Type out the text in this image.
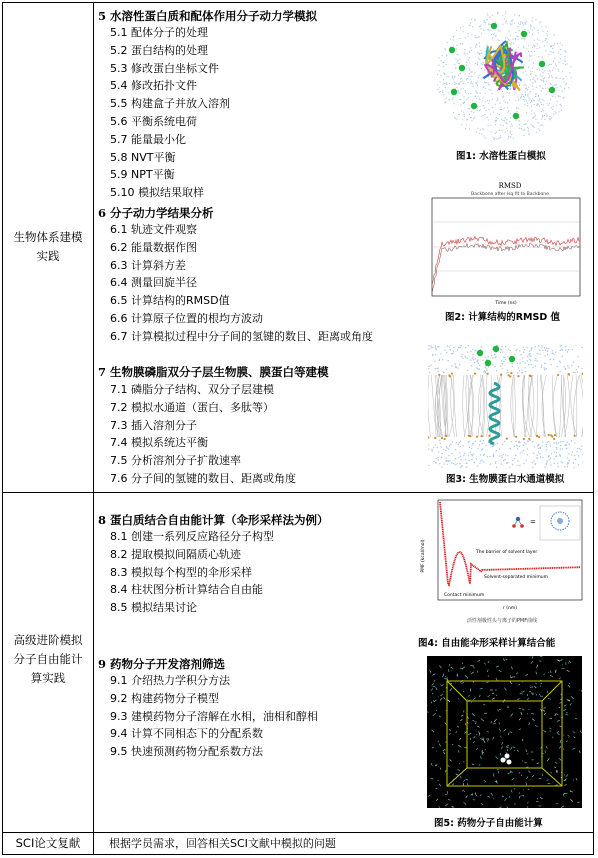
生物体系建模
实践
高级进阶模拟
分子自由能计
算实践
SCI论文复献
5 水溶性蛋白质和配体作用分子动力学模拟
5.1 配体分子的处理
5.2 蛋白结构的处理
5.3 修改蛋白坐标文件
5.4 修改拓扑文件
5.5 构建盒子并放入溶剂
5.6 平衡系统电荷
5.7 能量最小化
5.8 NVT平衡
5.9 NPT平衡
5.10 模拟结果取样
6 分子动力学结果分析
6.1 轨迹文件观察
6.2 能量数据作图
6.3 计算斜方差
6.4 测量回旋半径
6.5 计算结构的RMSD值
6.6 计算原子位置的根均方波动
6.7 计算模拟过程中分子间的氢键的数目、距离或角度
7 生物膜磷脂双分子层生物膜、膜蛋白等建模
7.1 磷脂分子结构、双分子层建模
7.2 模拟水通道（蛋白、多肽等）
7.3 插入溶剂分子
7.4 模拟系统达平衡
7.5 分析溶剂分子扩散速率
7.6 分子间的氢键的数目、距离或角度
8 蛋白质结合自由能计算（伞形采样法为例）
8.1 创建一系列反应路径分子构型
8.2 提取模拟间隔质心轨迹
8.3 模拟每个构型的伞形采样
8.4 柱状图分析计算结合自由能
8.5 模拟结果讨论
9 药物分子开发溶剂筛选
9.1 介绍热力学积分方法
9.2 构建药物分子模型
9.3 建模药物分子溶解在水相，油相和醇相
9.4 计算不同相态下的分配系数
9.5 快速预测药物分配系数方法
根据学员需求，回答相关SCI文献中模拟的问题
图1: 水溶性蛋白模拟
RMSD
Backbone after lsq fit to Backbone
Time (ns)
图2: 计算结构的RMSD 值
图3: 生物膜蛋白水通道模拟
PMF (kcal/mol)
r (nm)
The barrier of solvent layer
Solvent-separated minimum
Contact minimum
=
活性剂极性头与离子的PMF曲线
图4: 自由能伞形采样计算结合能
图5: 药物分子自由能计算
